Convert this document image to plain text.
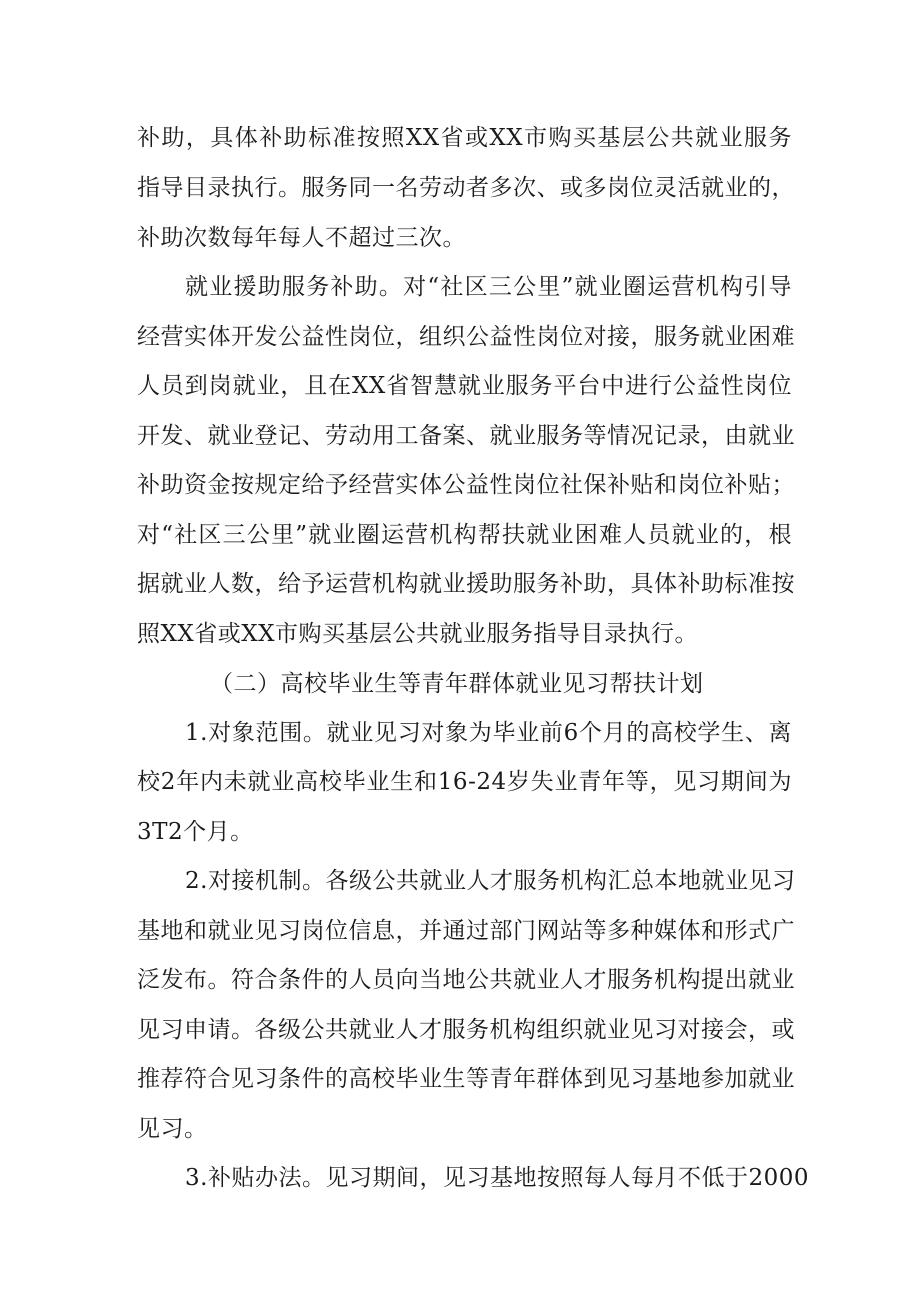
补助，具体补助标准按照XX省或XX市购买基层公共就业服务
指导目录执行。服务同一名劳动者多次、或多岗位灵活就业的，
补助次数每年每人不超过三次。
就业援助服务补助。对“社区三公里”就业圈运营机构引导
经营实体开发公益性岗位，组织公益性岗位对接，服务就业困难
人员到岗就业，且在XX省智慧就业服务平台中进行公益性岗位
开发、就业登记、劳动用工备案、就业服务等情况记录，由就业
补助资金按规定给予经营实体公益性岗位社保补贴和岗位补贴；
对“社区三公里”就业圈运营机构帮扶就业困难人员就业的，根
据就业人数，给予运营机构就业援助服务补助，具体补助标准按
照XX省或XX市购买基层公共就业服务指导目录执行。
（二）高校毕业生等青年群体就业见习帮扶计划
1.对象范围。就业见习对象为毕业前6个月的高校学生、离
校2年内未就业高校毕业生和16-24岁失业青年等，见习期间为
3T2个月。
2.对接机制。各级公共就业人才服务机构汇总本地就业见习
基地和就业见习岗位信息，并通过部门网站等多种媒体和形式广
泛发布。符合条件的人员向当地公共就业人才服务机构提出就业
见习申请。各级公共就业人才服务机构组织就业见习对接会，或
推荐符合见习条件的高校毕业生等青年群体到见习基地参加就业
见习。
3.补贴办法。见习期间，见习基地按照每人每月不低于2000
